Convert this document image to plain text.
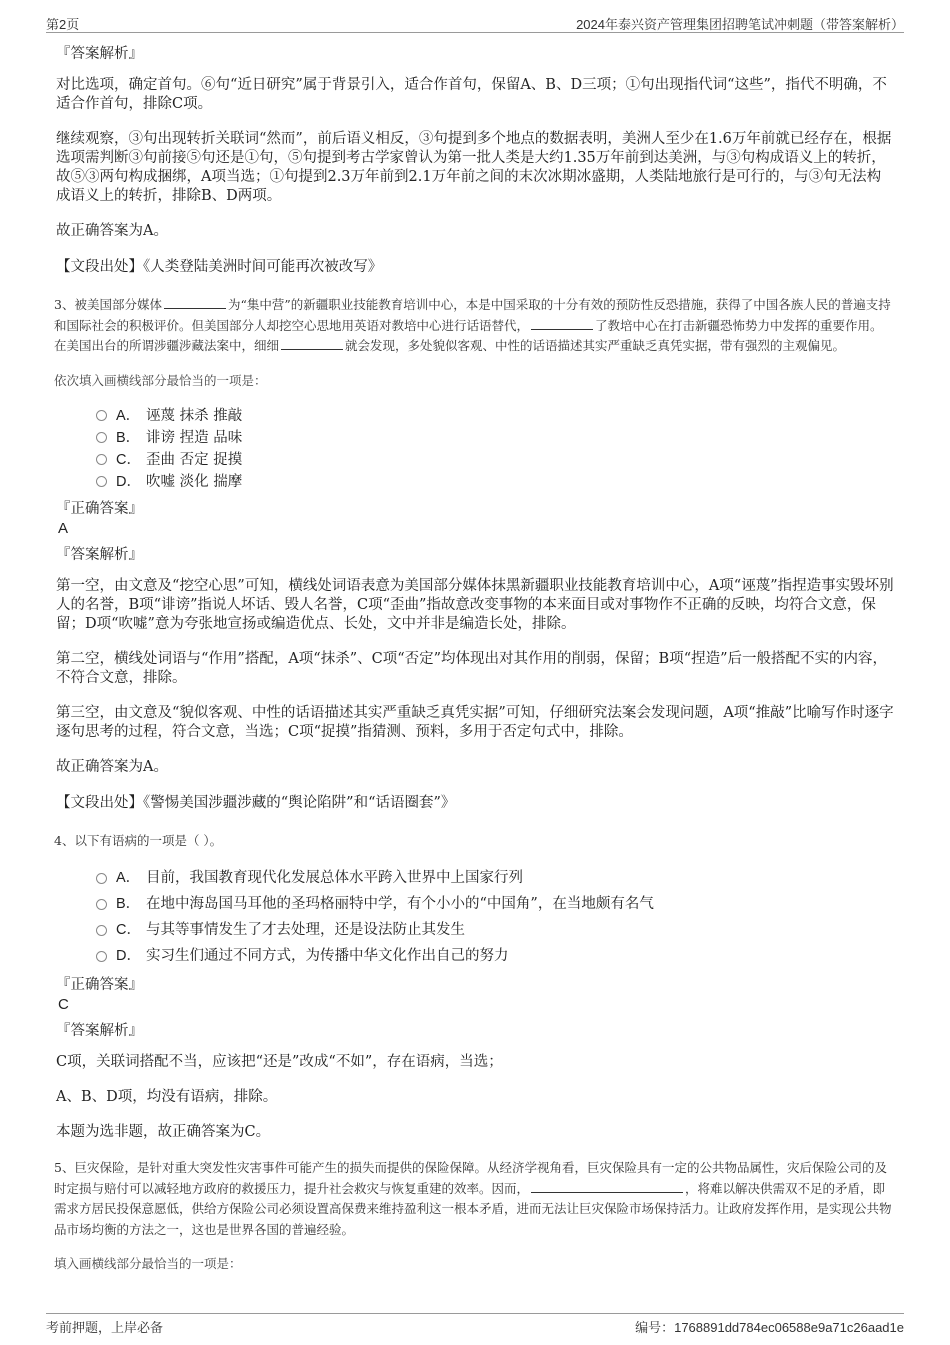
第2页	2024年泰兴资产管理集团招聘笔试冲刺题（带答案解析）
『答案解析』

对比选项，确定首句。⑥句“近日研究”属于背景引入，适合作首句，保留A、B、D三项；①句出现指代词“这些”，指代不明确，不适合作首句，排除C项。

继续观察，③句出现转折关联词“然而”，前后语义相反，③句提到多个地点的数据表明，美洲人至少在1.6万年前就已经存在，根据选项需判断③句前接⑤句还是①句，⑤句提到考古学家曾认为第一批人类是大约1.35万年前到达美洲，与③句构成语义上的转折，故⑤③两句构成捆绑，A项当选；①句提到2.3万年前到2.1万年前之间的末次冰期冰盛期，人类陆地旅行是可行的，与③句无法构成语义上的转折，排除B、D两项。

故正确答案为A。

【文段出处】《人类登陆美洲时间可能再次被改写》

3、被美国部分媒体	为“集中营”的新疆职业技能教育培训中心，本是中国采取的十分有效的预防性反恐措施，获得了中国各族人民的普遍支持和国际社会的积极评价。但美国部分人却挖空心思地用英语对教培中心进行话语替代，	了教培中心在打击新疆恐怖势力中发挥的重要作用。在美国出台的所谓涉疆涉藏法案中，细细	就会发现，多处貌似客观、中性的话语描述其实严重缺乏真凭实据，带有强烈的主观偏见。

依次填入画横线部分最恰当的一项是：

A． 诬蔑 抹杀 推敲
B． 诽谤 捏造 品味
C． 歪曲 否定 捉摸
D． 吹嘘 淡化 揣摩
『正确答案』
A
『答案解析』

第一空，由文意及“挖空心思”可知，横线处词语表意为美国部分媒体抹黑新疆职业技能教育培训中心，A项“诬蔑”指捏造事实毁坏别人的名誉，B项“诽谤”指说人坏话、毁人名誉，C项“歪曲”指故意改变事物的本来面目或对事物作不正确的反映，均符合文意，保留；D项“吹嘘”意为夸张地宣扬或编造优点、长处，文中并非是编造长处，排除。

第二空，横线处词语与“作用”搭配，A项“抹杀”、C项“否定”均体现出对其作用的削弱，保留；B项“捏造”后一般搭配不实的内容，不符合文意，排除。

第三空，由文意及“貌似客观、中性的话语描述其实严重缺乏真凭实据”可知，仔细研究法案会发现问题，A项“推敲”比喻写作时逐字逐句思考的过程，符合文意，当选；C项“捉摸”指猜测、预料，多用于否定句式中，排除。

故正确答案为A。

【文段出处】《警惕美国涉疆涉藏的“舆论陷阱”和“话语圈套”》

4、以下有语病的一项是（ ）。

A． 目前，我国教育现代化发展总体水平跨入世界中上国家行列
B． 在地中海岛国马耳他的圣玛格丽特中学，有个小小的“中国角”，在当地颇有名气
C． 与其等事情发生了才去处理，还是设法防止其发生
D． 实习生们通过不同方式，为传播中华文化作出自己的努力
『正确答案』
C
『答案解析』

C项，关联词搭配不当，应该把“还是”改成“不如”，存在语病，当选；

A、B、D项，均没有语病，排除。

本题为选非题，故正确答案为C。

5、巨灾保险，是针对重大突发性灾害事件可能产生的损失而提供的保险保障。从经济学视角看，巨灾保险具有一定的公共物品属性，灾后保险公司的及时定损与赔付可以减轻地方政府的救援压力，提升社会救灾与恢复重建的效率。因而，	，将难以解决供需双不足的矛盾，即需求方居民投保意愿低，供给方保险公司必须设置高保费来维持盈利这一根本矛盾，进而无法让巨灾保险市场保持活力。让政府发挥作用，是实现公共物品市场均衡的方法之一，这也是世界各国的普遍经验。

填入画横线部分最恰当的一项是：

考前押题，上岸必备	编号：1768891dd784ec06588e9a71c26aad1e
